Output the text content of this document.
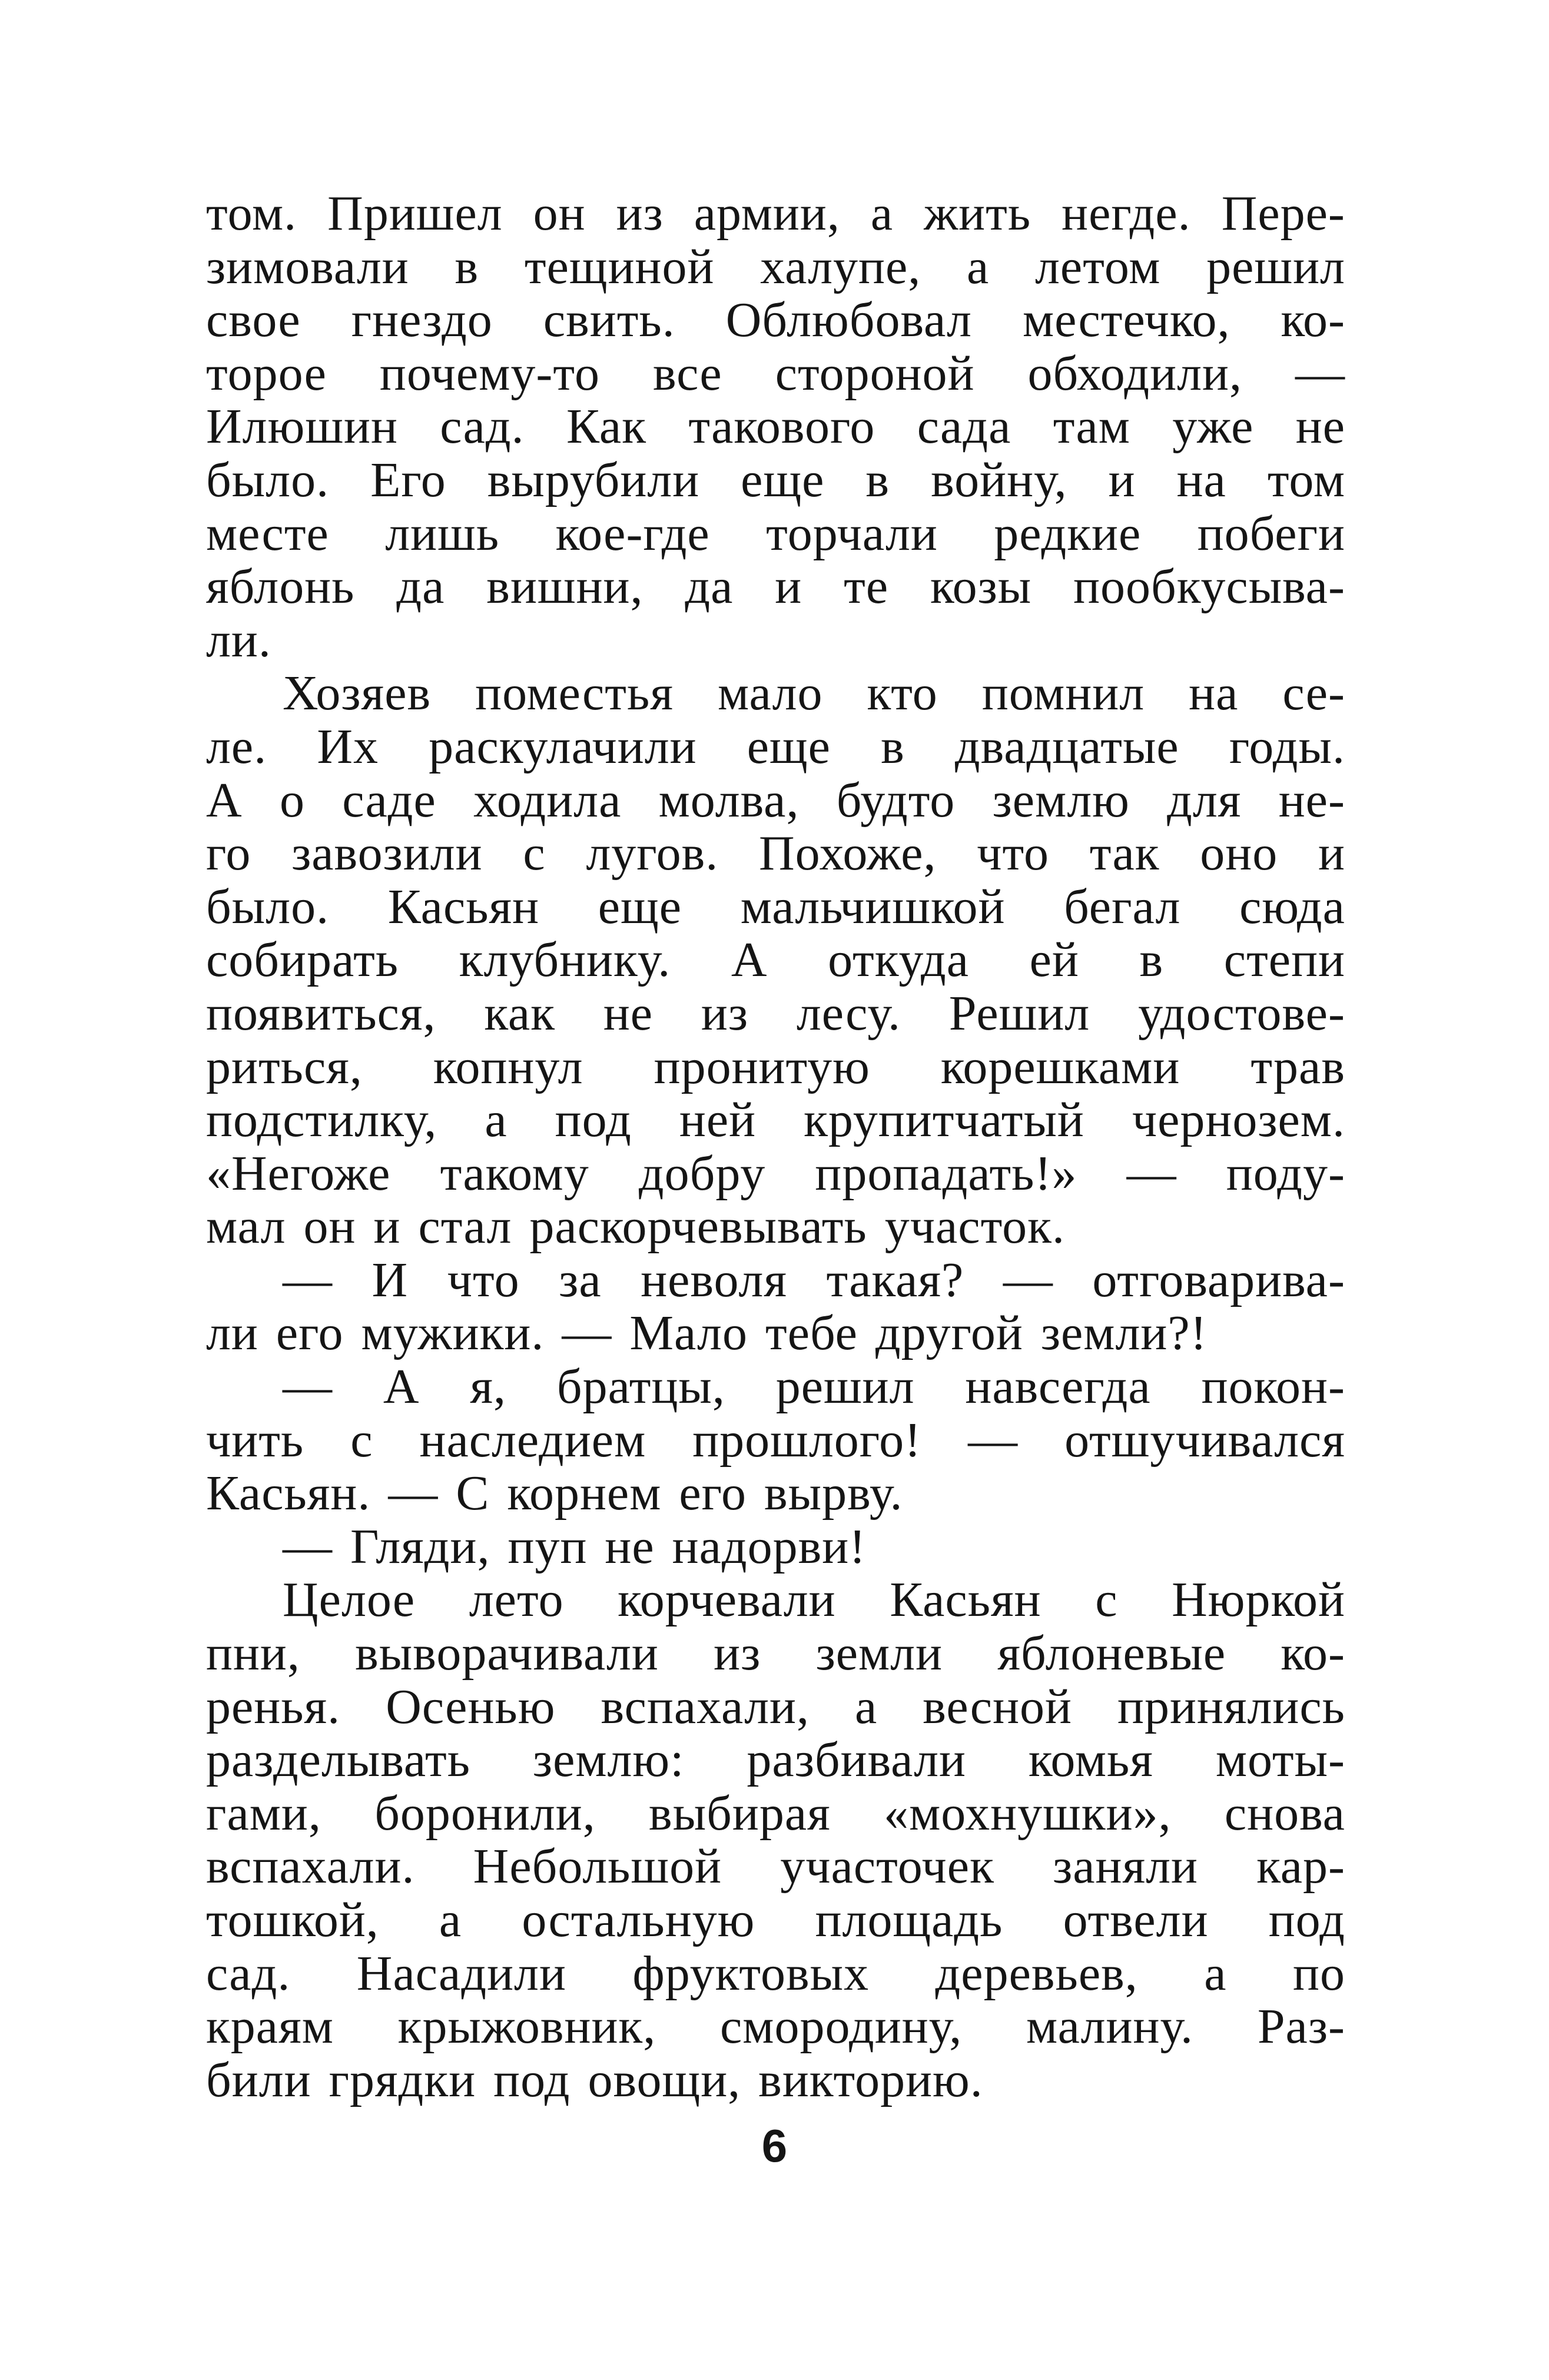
том. Пришел он из армии, а жить негде. Пере-
зимовали в тещиной халупе, а летом решил
свое гнездо свить. Облюбовал местечко, ко-
торое почему-то все стороной обходили, —
Илюшин сад. Как такового сада там уже не
было. Его вырубили еще в войну, и на том
месте лишь кое-где торчали редкие побеги
яблонь да вишни, да и те козы пообкусыва-
ли.
Хозяев поместья мало кто помнил на се-
ле. Их раскулачили еще в двадцатые годы.
А о саде ходила молва, будто землю для не-
го завозили с лугов. Похоже, что так оно и
было. Касьян еще мальчишкой бегал сюда
собирать клубнику. А откуда ей в степи
появиться, как не из лесу. Решил удостове-
риться, копнул пронитую корешками трав
подстилку, а под ней крупитчатый чернозем.
«Негоже такому добру пропадать!» — поду-
мал он и стал раскорчевывать участок.
— И что за неволя такая? — отговарива-
ли его мужики. — Мало тебе другой земли?!
— А я, братцы, решил навсегда покон-
чить с наследием прошлого! — отшучивался
Касьян. — С корнем его вырву.
— Гляди, пуп не надорви!
Целое лето корчевали Касьян с Нюркой
пни, выворачивали из земли яблоневые ко-
ренья. Осенью вспахали, а весной принялись
разделывать землю: разбивали комья моты-
гами, боронили, выбирая «мохнушки», снова
вспахали. Небольшой участочек заняли кар-
тошкой, а остальную площадь отвели под
сад. Насадили фруктовых деревьев, а по
краям крыжовник, смородину, малину. Раз-
били грядки под овощи, викторию.
6
